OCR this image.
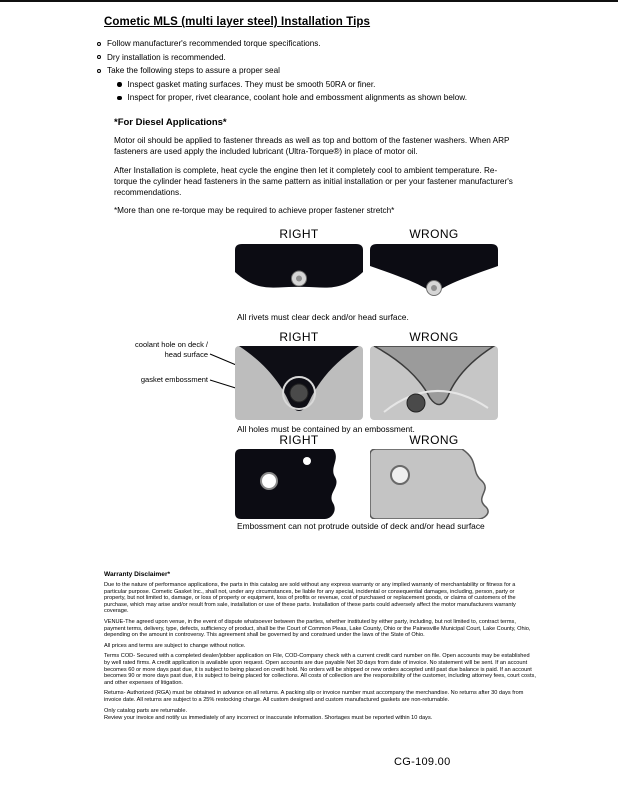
Cometic MLS (multi layer steel) Installation Tips
Follow manufacturer's recommended torque specifications.
Dry installation is recommended.
Take the following steps to assure a proper seal
Inspect gasket mating surfaces. They must be smooth 50RA or finer.
Inspect for proper, rivet clearance, coolant hole and embossment alignments as shown below.
*For Diesel Applications*

Motor oil should be applied to fastener threads as well as top and bottom of the fastener washers. When ARP fasteners are used apply the included lubricant (Ultra-Torque®) in place of motor oil.

After Installation is complete, heat cycle the engine then let it completely cool to ambient temperature. Re-torque the cylinder head fasteners in the same pattern as initial installation or per your fastener manufacturer's recommendations.

*More than one re-torque may be required to achieve proper fastener stretch*
RIGHT	WRONG
All rivets must clear deck and/or head surface.
RIGHT	WRONG
coolant hole on deck / head surface
gasket embossment
All holes must be contained by an embossment.
RIGHT	WRONG
Embossment can not protrude outside of deck and/or head surface
Warranty Disclaimer*

Due to the nature of performance applications, the parts in this catalog are sold without any express warranty or any implied warranty of merchantability or fitness for a particular purpose. Cometic Gasket Inc., shall not, under any circumstances, be liable for any special, incidental or consequential damages, including, person, party or property, but not limited to, damage, or loss of property or equipment, loss of profits or revenue, cost of purchased or replacement goods, or claims of customers of the purchase, which may arise and/or result from sale, installation or use of these parts. Installation of these parts could adversely affect the motor manufacturers warranty coverage.

VENUE-The agreed upon venue, in the event of dispute whatsoever between the parties, whether instituted by either party, including, but not limited to, contract terms, payment terms, delivery, type, defects, sufficiency of product, shall be the Court of Common Pleas, Lake County, Ohio or the Painesville Municipal Court, Lake County, Ohio, depending on the amount in controversy. This agreement shall be governed by and construed under the laws of the State of Ohio.

All prices and terms are subject to change without notice.

Terms COD- Secured with a completed dealer/jobber application on File, COD-Company check with a current credit card number on file. Open accounts may be established by well rated firms. A credit application is available upon request. Open accounts are due payable Net 30 days from date of invoice. No statement will be sent. If an account becomes 60 or more days past due, it is subject to being placed on credit hold. No orders will be shipped or new orders accepted until past due balance is paid. If an account becomes 90 or more days past due, it is subject to being placed for collections. All costs of collection are the responsibility of the customer, including attorney fees, court costs, and other expenses of litigation.

Returns- Authorized (RGA) must be obtained in advance on all returns. A packing slip or invoice number must accompany the merchandise. No returns after 30 days from invoice date. All returns are subject to a 25% restocking charge. All custom designed and custom manufactured gaskets are non-returnable.

Only catalog parts are returnable.

Review your invoice and notify us immediately of any incorrect or inaccurate information. Shortages must be reported within 10 days.

CG-109.00
